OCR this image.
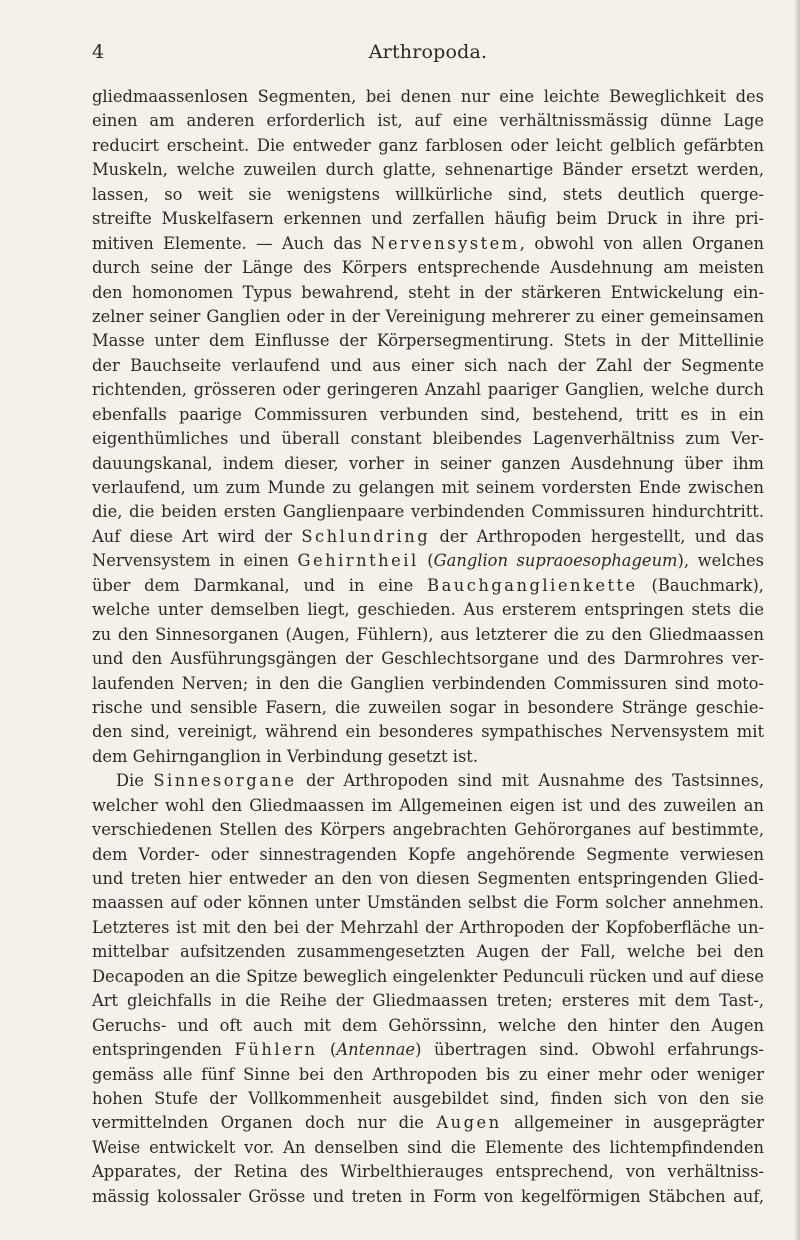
4	Arthropoda.
gliedmaassenlosen Segmenten, bei denen nur eine leichte Beweglichkeit des
einen am anderen erforderlich ist, auf eine verhältnissmässig dünne Lage
reducirt erscheint. Die entweder ganz farblosen oder leicht gelblich gefärbten
Muskeln, welche zuweilen durch glatte, sehnenartige Bänder ersetzt werden,
lassen, so weit sie wenigstens willkürliche sind, stets deutlich querge-
streifte Muskelfasern erkennen und zerfallen häufig beim Druck in ihre pri-
mitiven Elemente. — Auch das Nervensystem, obwohl von allen Organen
durch seine der Länge des Körpers entsprechende Ausdehnung am meisten
den homonomen Typus bewahrend, steht in der stärkeren Entwickelung ein-
zelner seiner Ganglien oder in der Vereinigung mehrerer zu einer gemeinsamen
Masse unter dem Einflusse der Körpersegmentirung. Stets in der Mittellinie
der Bauchseite verlaufend und aus einer sich nach der Zahl der Segmente
richtenden, grösseren oder geringeren Anzahl paariger Ganglien, welche durch
ebenfalls paarige Commissuren verbunden sind, bestehend, tritt es in ein
eigenthümliches und überall constant bleibendes Lagenverhältniss zum Ver-
dauungskanal, indem dieser, vorher in seiner ganzen Ausdehnung über ihm
verlaufend, um zum Munde zu gelangen mit seinem vordersten Ende zwischen
die, die beiden ersten Ganglienpaare verbindenden Commissuren hindurchtritt.
Auf diese Art wird der Schlundring der Arthropoden hergestellt, und das
Nervensystem in einen Gehirntheil (Ganglion supraoesophageum), welches
über dem Darmkanal, und in eine Bauchganglienkette (Bauchmark),
welche unter demselben liegt, geschieden. Aus ersterem entspringen stets die
zu den Sinnesorganen (Augen, Fühlern), aus letzterer die zu den Gliedmaassen
und den Ausführungsgängen der Geschlechtsorgane und des Darmrohres ver-
laufenden Nerven; in den die Ganglien verbindenden Commissuren sind moto-
rische und sensible Fasern, die zuweilen sogar in besondere Stränge geschie-
den sind, vereinigt, während ein besonderes sympathisches Nervensystem mit
dem Gehirnganglion in Verbindung gesetzt ist.
Die Sinnesorgane der Arthropoden sind mit Ausnahme des Tastsinnes,
welcher wohl den Gliedmaassen im Allgemeinen eigen ist und des zuweilen an
verschiedenen Stellen des Körpers angebrachten Gehörorganes auf bestimmte,
dem Vorder- oder sinnestragenden Kopfe angehörende Segmente verwiesen
und treten hier entweder an den von diesen Segmenten entspringenden Glied-
maassen auf oder können unter Umständen selbst die Form solcher annehmen.
Letzteres ist mit den bei der Mehrzahl der Arthropoden der Kopfoberfläche un-
mittelbar aufsitzenden zusammengesetzten Augen der Fall, welche bei den
Decapoden an die Spitze beweglich eingelenkter Pedunculi rücken und auf diese
Art gleichfalls in die Reihe der Gliedmaassen treten; ersteres mit dem Tast-,
Geruchs- und oft auch mit dem Gehörssinn, welche den hinter den Augen
entspringenden Fühlern (Antennae) übertragen sind. Obwohl erfahrungs-
gemäss alle fünf Sinne bei den Arthropoden bis zu einer mehr oder weniger
hohen Stufe der Vollkommenheit ausgebildet sind, finden sich von den sie
vermittelnden Organen doch nur die Augen allgemeiner in ausgeprägter
Weise entwickelt vor. An denselben sind die Elemente des lichtempfindenden
Apparates, der Retina des Wirbelthierauges entsprechend, von verhältniss-
mässig kolossaler Grösse und treten in Form von kegelförmigen Stäbchen auf,
